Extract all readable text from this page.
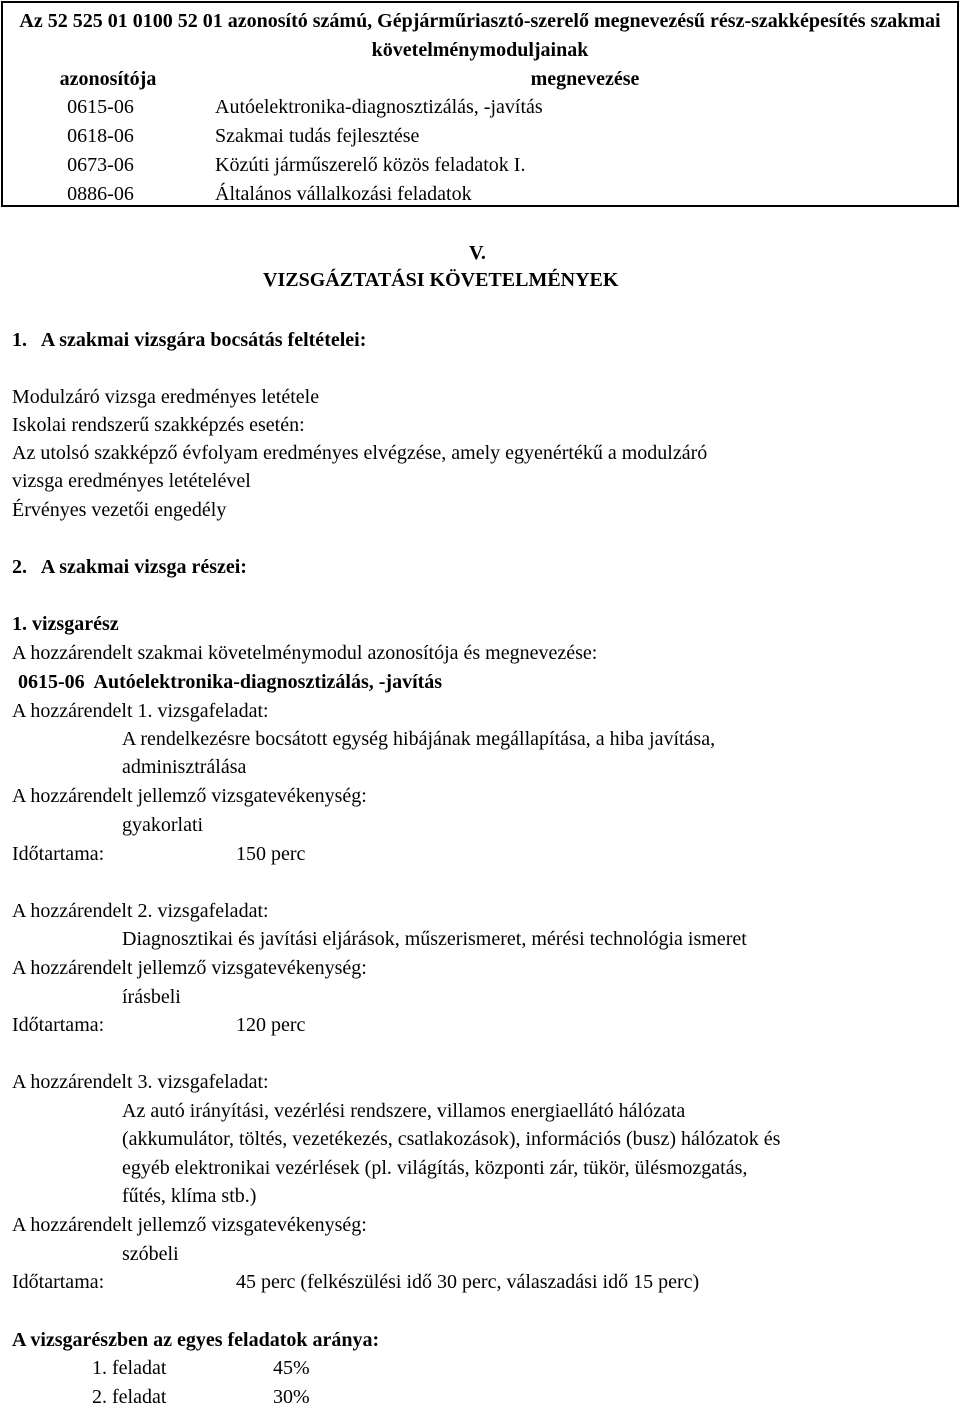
Az 52 525 01 0100 52 01 azonosító számú, Gépjárműriasztó-szerelő megnevezésű rész-szakképesítés szakmai követelménymoduljainak
azonosítója	megnevezése
0615-06	Autóelektronika-diagnosztizálás, -javítás
0618-06	Szakmai tudás fejlesztése
0673-06	Közúti járműszerelő közös feladatok I.
0886-06	Általános vállalkozási feladatok
V.
VIZSGÁZTATÁSI KÖVETELMÉNYEK
1.   A szakmai vizsgára bocsátás feltételei:
Modulzáró vizsga eredményes letétele
Iskolai rendszerű szakképzés esetén:
Az utolsó szakképző évfolyam eredményes elvégzése, amely egyenértékű a modulzáró
vizsga eredményes letételével
Érvényes vezetői engedély
2.   A szakmai vizsga részei:
1. vizsgarész
A hozzárendelt szakmai követelménymodul azonosítója és megnevezése:
0615-06  Autóelektronika-diagnosztizálás, -javítás
A hozzárendelt 1. vizsgafeladat:
A rendelkezésre bocsátott egység hibájának megállapítása, a hiba javítása,
adminisztrálása
A hozzárendelt jellemző vizsgatevékenység:
gyakorlati
Időtartama:	150 perc
A hozzárendelt 2. vizsgafeladat:
Diagnosztikai és javítási eljárások, műszerismeret, mérési technológia ismeret
A hozzárendelt jellemző vizsgatevékenység:
írásbeli
Időtartama:	120 perc
A hozzárendelt 3. vizsgafeladat:
Az autó irányítási, vezérlési rendszere, villamos energiaellátó hálózata
(akkumulátor, töltés, vezetékezés, csatlakozások), információs (busz) hálózatok és
egyéb elektronikai vezérlések (pl. világítás, központi zár, tükör, ülésmozgatás,
fűtés, klíma stb.)
A hozzárendelt jellemző vizsgatevékenység:
szóbeli
Időtartama:	45 perc (felkészülési idő 30 perc, válaszadási idő 15 perc)
A vizsgarészben az egyes feladatok aránya:
1. feladat	45%
2. feladat	30%
